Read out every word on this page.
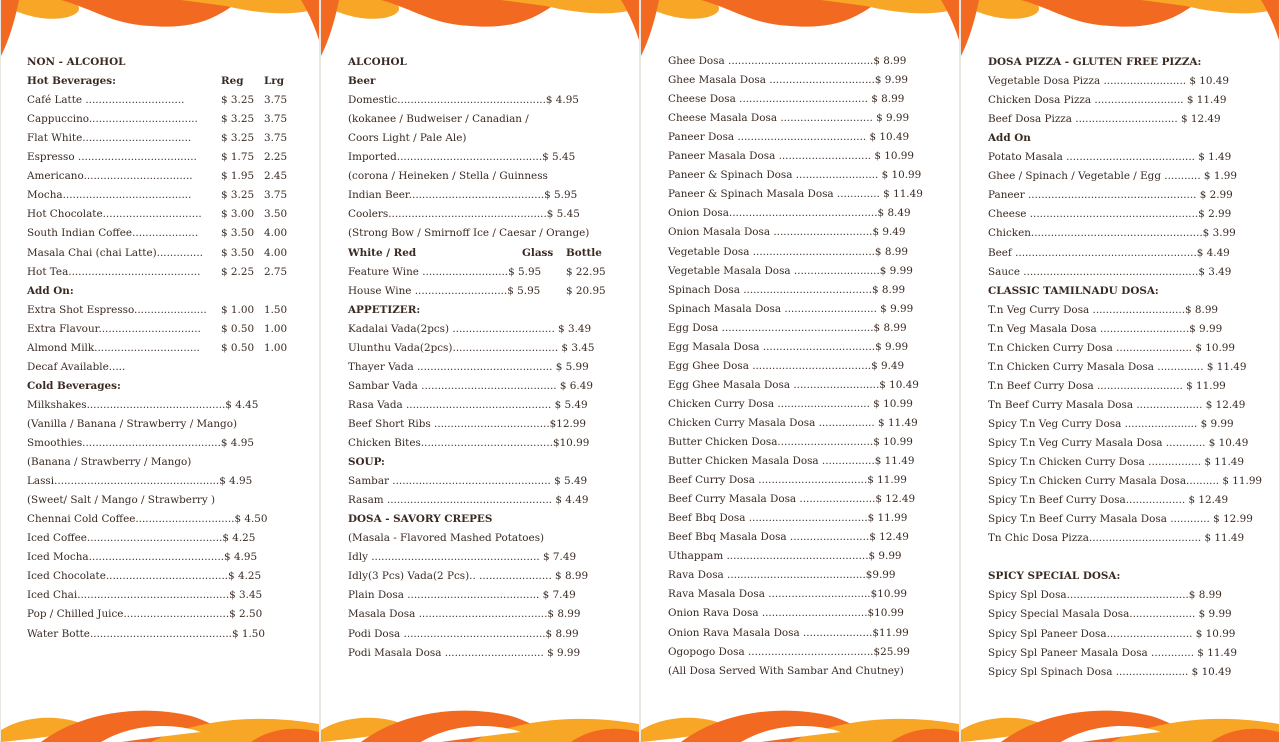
NON - ALCOHOL
Hot Beverages:	Reg Lrg
Café Latte ..............................	$ 3.25 3.75
Cappuccino................................. $ 3.25 3.75
Flat White.................................	$ 3.25 3.75
Espresso .................................... $ 1.75 2.25
Americano.................................	$ 1.95 2.45
Mocha.......................................	$ 3.25 3.75
Hot Chocolate.............................. $ 3.00 3.50
South Indian Coffee.................... $ 3.50 4.00
Masala Chai (chai Latte).............. $ 3.50 4.00
Hot Tea........................................ $ 2.25 2.75
Add On:
Extra Shot Espresso...................... $ 1.00 1.50
Extra Flavour............................... $ 0.50 1.00
Almond Milk................................ $ 0.50 1.00
Decaf Available.....
Cold Beverages:
Milkshakes..........................................$ 4.45
(Vanilla / Banana / Strawberry / Mango)
Smoothies..........................................$ 4.95
(Banana / Strawberry / Mango)
Lassi..................................................$ 4.95
(Sweet/ Salt / Mango / Strawberry )
Chennai Cold Coffee..............................$ 4.50
Iced Coffee.........................................$ 4.25
Iced Mocha.........................................$ 4.95
Iced Chocolate.....................................$ 4.25
Iced Chai..............................................$ 3.45
Pop / Chilled Juice................................$ 2.50
Water Botte...........................................$ 1.50
ALCOHOL
Beer
Domestic.............................................$ 4.95
(kokanee / Budweiser / Canadian /
Coors Light / Pale Ale)
Imported............................................$ 5.45
(corona / Heineken / Stella / Guinness
Indian Beer.........................................$ 5.95
Coolers................................................$ 5.45
(Strong Bow / Smirnoff Ice / Caesar / Orange)
White / Red	Glass Bottle
Feature Wine ..........................$ 5.95 $ 22.95
House Wine ............................$ 5.95 $ 20.95
APPETIZER:
Kadalai Vada(2pcs) ............................... $ 3.49
Ulunthu Vada(2pcs)................................ $ 3.45
Thayer Vada ......................................... $ 5.99
Sambar Vada ......................................... $ 6.49
Rasa Vada ............................................ $ 5.49
Beef Short Ribs ...................................$12.99
Chicken Bites........................................$10.99
SOUP:
Sambar ................................................ $ 5.49
Rasam .................................................. $ 4.49
DOSA - SAVORY CREPES
(Masala - Flavored Mashed Potatoes)
Idly ................................................... $ 7.49
Idly(3 Pcs) Vada(2 Pcs).. ...................... $ 8.99
Plain Dosa ........................................ $ 7.49
Masala Dosa .......................................$ 8.99
Podi Dosa ...........................................$ 8.99
Podi Masala Dosa .............................. $ 9.99
Ghee Dosa ............................................$ 8.99
Ghee Masala Dosa ................................$ 9.99
Cheese Dosa ....................................... $ 8.99
Cheese Masala Dosa ............................ $ 9.99
Paneer Dosa ....................................... $ 10.49
Paneer Masala Dosa ............................ $ 10.99
Paneer & Spinach Dosa ......................... $ 10.99
Paneer & Spinach Masala Dosa ............. $ 11.49
Onion Dosa.............................................$ 8.49
Onion Masala Dosa ..............................$ 9.49
Vegetable Dosa .....................................$ 8.99
Vegetable Masala Dosa ..........................$ 9.99
Spinach Dosa .......................................$ 8.99
Spinach Masala Dosa ............................ $ 9.99
Egg Dosa ..............................................$ 8.99
Egg Masala Dosa ..................................$ 9.99
Egg Ghee Dosa ....................................$ 9.49
Egg Ghee Masala Dosa ..........................$ 10.49
Chicken Curry Dosa ............................ $ 10.99
Chicken Curry Masala Dosa ................. $ 11.49
Butter Chicken Dosa.............................$ 10.99
Butter Chicken Masala Dosa ................$ 11.49
Beef Curry Dosa .................................$ 11.99
Beef Curry Masala Dosa .......................$ 12.49
Beef Bbq Dosa ....................................$ 11.99
Beef Bbq Masala Dosa ........................$ 12.49
Uthappam ...........................................$ 9.99
Rava Dosa ..........................................$9.99
Rava Masala Dosa ...............................$10.99
Onion Rava Dosa ................................$10.99
Onion Rava Masala Dosa .....................$11.99
Ogopogo Dosa ......................................$25.99
(All Dosa Served With Sambar And Chutney)
DOSA PIZZA - GLUTEN FREE PIZZA:
Vegetable Dosa Pizza ......................... $ 10.49
Chicken Dosa Pizza ........................... $ 11.49
Beef Dosa Pizza ............................... $ 12.49
Add On
Potato Masala ....................................... $ 1.49
Ghee / Spinach / Vegetable / Egg ........... $ 1.99
Paneer ................................................... $ 2.99
Cheese ...................................................$ 2.99
Chicken....................................................$ 3.99
Beef .......................................................$ 4.49
Sauce .....................................................$ 3.49
CLASSIC TAMILNADU DOSA:
T.n Veg Curry Dosa ............................$ 8.99
T.n Veg Masala Dosa ...........................$ 9.99
T.n Chicken Curry Dosa ....................... $ 10.99
T.n Chicken Curry Masala Dosa .............. $ 11.49
T.n Beef Curry Dosa .......................... $ 11.99
Tn Beef Curry Masala Dosa .................... $ 12.49
Spicy T.n Veg Curry Dosa ...................... $ 9.99
Spicy T.n Veg Curry Masala Dosa ............ $ 10.49
Spicy T.n Chicken Curry Dosa ................ $ 11.49
Spicy T.n Chicken Curry Masala Dosa.......... $ 11.99
Spicy T.n Beef Curry Dosa.................. $ 12.49
Spicy T.n Beef Curry Masala Dosa ............ $ 12.99
Tn Chic Dosa Pizza.................................. $ 11.49
SPICY SPECIAL DOSA:
Spicy Spl Dosa.....................................$ 8.99
Spicy Special Masala Dosa.................... $ 9.99
Spicy Spl Paneer Dosa.......................... $ 10.99
Spicy Spl Paneer Masala Dosa ............. $ 11.49
Spicy Spl Spinach Dosa ...................... $ 10.49
